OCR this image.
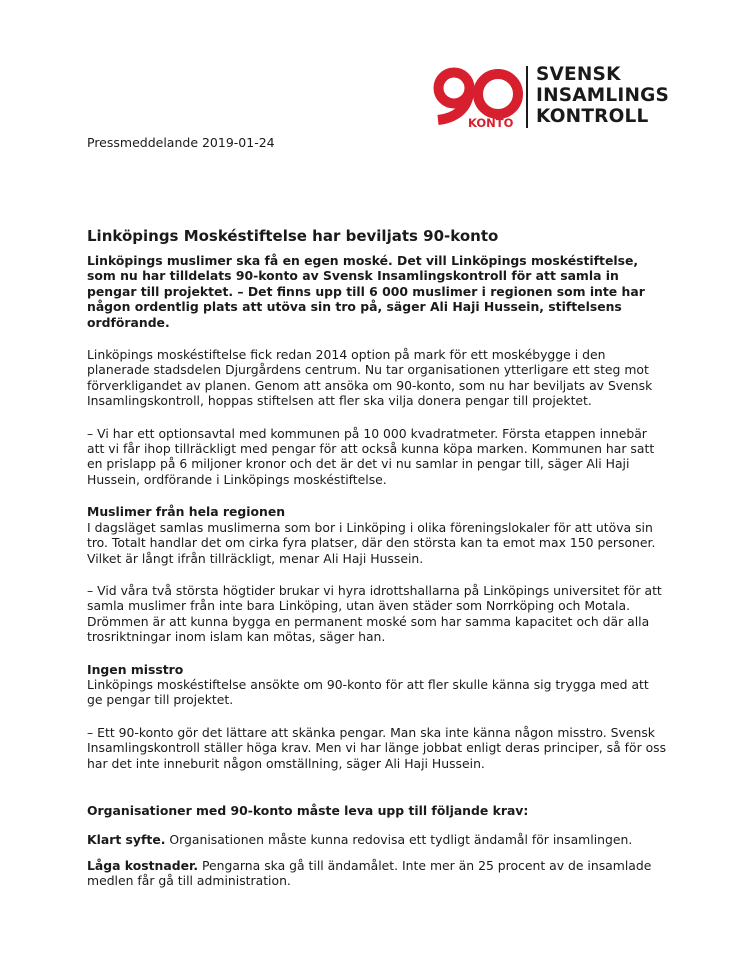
KONTO
SVENSK
INSAMLINGS
KONTROLL
Pressmeddelande 2019-01-24
Linköpings Moskéstiftelse har beviljats 90-konto

Linköpings muslimer ska få en egen moské. Det vill Linköpings moskéstiftelse, som nu har tilldelats 90-konto av Svensk Insamlingskontroll för att samla in pengar till projektet. – Det finns upp till 6 000 muslimer i regionen som inte har någon ordentlig plats att utöva sin tro på, säger Ali Haji Hussein, stiftelsens ordförande.

Linköpings moskéstiftelse fick redan 2014 option på mark för ett moskébygge i den planerade stadsdelen Djurgårdens centrum. Nu tar organisationen ytterligare ett steg mot förverkligandet av planen. Genom att ansöka om 90-konto, som nu har beviljats av Svensk Insamlingskontroll, hoppas stiftelsen att fler ska vilja donera pengar till projektet.

– Vi har ett optionsavtal med kommunen på 10 000 kvadratmeter. Första etappen innebär att vi får ihop tillräckligt med pengar för att också kunna köpa marken. Kommunen har satt en prislapp på 6 miljoner kronor och det är det vi nu samlar in pengar till, säger Ali Haji Hussein, ordförande i Linköpings moskéstiftelse.

Muslimer från hela regionen

I dagsläget samlas muslimerna som bor i Linköping i olika föreningslokaler för att utöva sin tro. Totalt handlar det om cirka fyra platser, där den största kan ta emot max 150 personer. Vilket är långt ifrån tillräckligt, menar Ali Haji Hussein.

– Vid våra två största högtider brukar vi hyra idrottshallarna på Linköpings universitet för att samla muslimer från inte bara Linköping, utan även städer som Norrköping och Motala. Drömmen är att kunna bygga en permanent moské som har samma kapacitet och där alla trosriktningar inom islam kan mötas, säger han.

Ingen misstro

Linköpings moskéstiftelse ansökte om 90-konto för att fler skulle känna sig trygga med att ge pengar till projektet.

– Ett 90-konto gör det lättare att skänka pengar. Man ska inte känna någon misstro. Svensk Insamlingskontroll ställer höga krav. Men vi har länge jobbat enligt deras principer, så för oss har det inte inneburit någon omställning, säger Ali Haji Hussein.

Organisationer med 90-konto måste leva upp till följande krav:

Klart syfte. Organisationen måste kunna redovisa ett tydligt ändamål för insamlingen.

Låga kostnader. Pengarna ska gå till ändamålet. Inte mer än 25 procent av de insamlade medlen får gå till administration.
